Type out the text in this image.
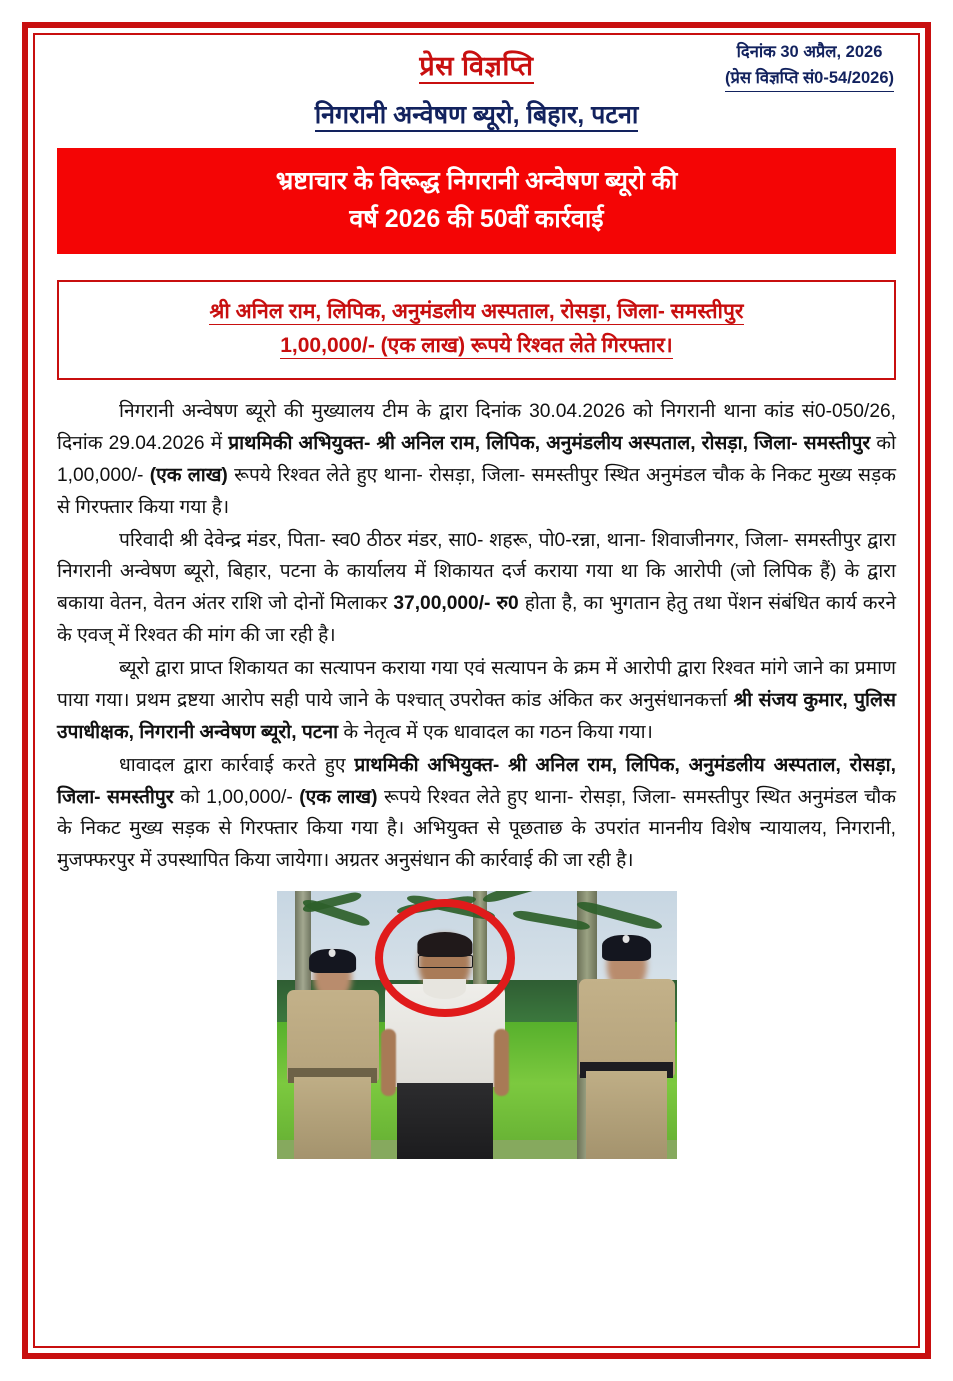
प्रेस विज्ञप्ति	दिनांक 30 अप्रैल, 2026
(प्रेस विज्ञप्ति सं0-54/2026)
निगरानी अन्वेषण ब्यूरो, बिहार, पटना
भ्रष्टाचार के विरूद्ध निगरानी अन्वेषण ब्यूरो की
वर्ष 2026 की 50वीं कार्रवाई
श्री अनिल राम, लिपिक, अनुमंडलीय अस्पताल, रोसड़ा, जिला- समस्तीपुर
1,00,000/- (एक लाख) रूपये रिश्वत लेते गिरफ्तार।

निगरानी अन्वेषण ब्यूरो की मुख्यालय टीम के द्वारा दिनांक 30.04.2026 को निगरानी थाना कांड सं0-050/26, दिनांक 29.04.2026 में प्राथमिकी अभियुक्त- श्री अनिल राम, लिपिक, अनुमंडलीय अस्पताल, रोसड़ा, जिला- समस्तीपुर को 1,00,000/- (एक लाख) रूपये रिश्वत लेते हुए थाना- रोसड़ा, जिला- समस्तीपुर स्थित अनुमंडल चौक के निकट मुख्य सड़क से गिरफ्तार किया गया है।

परिवादी श्री देवेन्द्र मंडर, पिता- स्व0 ठीठर मंडर, सा0- शहरू, पो0-रन्ना, थाना- शिवाजीनगर, जिला- समस्तीपुर द्वारा निगरानी अन्वेषण ब्यूरो, बिहार, पटना के कार्यालय में शिकायत दर्ज कराया गया था कि आरोपी (जो लिपिक हैं) के द्वारा बकाया वेतन, वेतन अंतर राशि जो दोनों मिलाकर 37,00,000/- रु0 होता है, का भुगतान हेतु तथा पेंशन संबंधित कार्य करने के एवज् में रिश्वत की मांग की जा रही है।

ब्यूरो द्वारा प्राप्त शिकायत का सत्यापन कराया गया एवं सत्यापन के क्रम में आरोपी द्वारा रिश्वत मांगे जाने का प्रमाण पाया गया। प्रथम द्रष्टया आरोप सही पाये जाने के पश्चात् उपरोक्त कांड अंकित कर अनुसंधानकर्त्ता श्री संजय कुमार, पुलिस उपाधीक्षक, निगरानी अन्वेषण ब्यूरो, पटना के नेतृत्व में एक धावादल का गठन किया गया।

धावादल द्वारा कार्रवाई करते हुए प्राथमिकी अभियुक्त- श्री अनिल राम, लिपिक, अनुमंडलीय अस्पताल, रोसड़ा, जिला- समस्तीपुर को 1,00,000/- (एक लाख) रूपये रिश्वत लेते हुए थाना- रोसड़ा, जिला- समस्तीपुर स्थित अनुमंडल चौक के निकट मुख्य सड़क से गिरफ्तार किया गया है। अभियुक्त से पूछताछ के उपरांत माननीय विशेष न्यायालय, निगरानी, मुजफ्फरपुर में उपस्थापित किया जायेगा। अग्रतर अनुसंधान की कार्रवाई की जा रही है।
